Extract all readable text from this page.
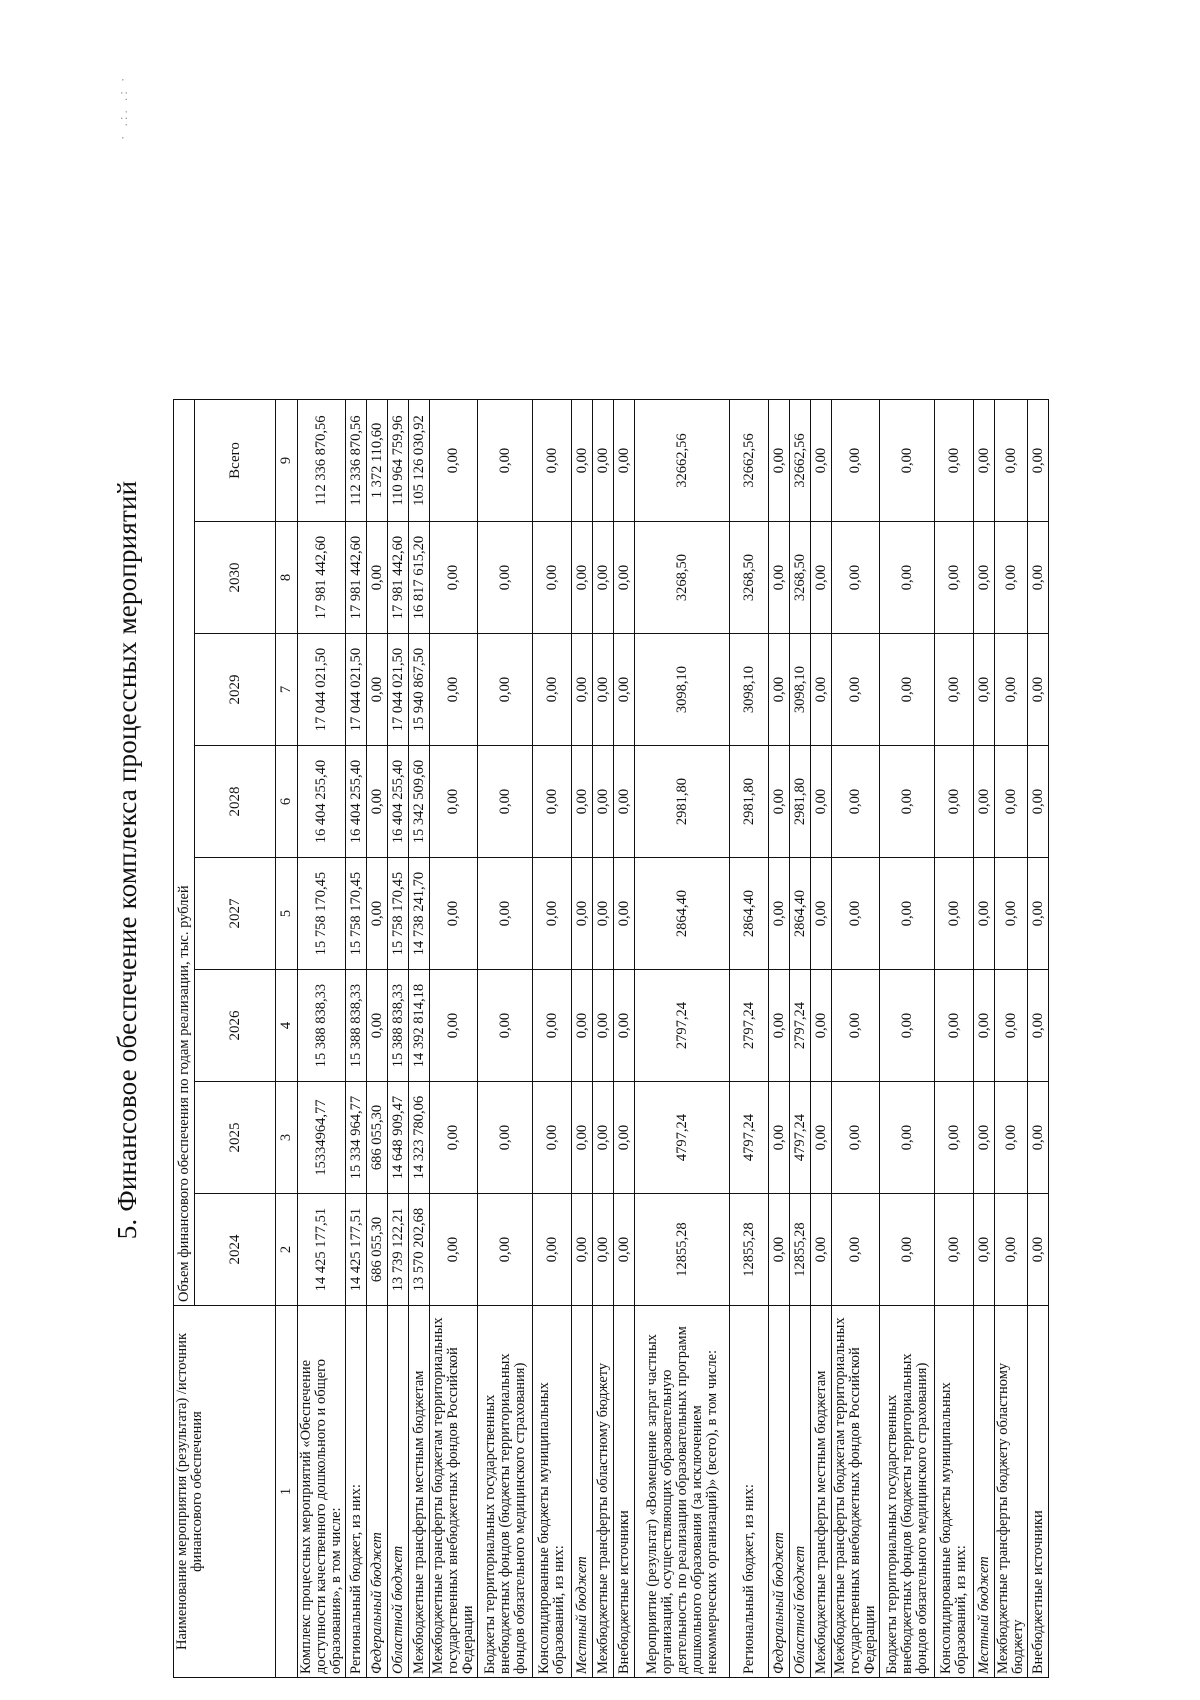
5. Финансовое обеспечение комплекса процессных мероприятий
· .:. .: ·
Наименование мероприятия (результата) /источник финансового обеспечения	Объем финансового обеспечения по годам реализации, тыс. рублей							
	2024	2025	2026	2027	2028	2029	2030	Всего
1	2	3	4	5	6	7	8	9
Комплекс процессных мероприятий «Обеспечение доступности качественного дошкольного и общего образования», в том числе:	14 425 177,51	15334964,77	15 388 838,33	15 758 170,45	16 404 255,40	17 044 021,50	17 981 442,60	112 336 870,56
Региональный бюджет, из них:	14 425 177,51	15 334 964,77	15 388 838,33	15 758 170,45	16 404 255,40	17 044 021,50	17 981 442,60	112 336 870,56
Федеральный бюджет	686 055,30	686 055,30	0,00	0,00	0,00	0,00	0,00	1 372 110,60
Областной бюджет	13 739 122,21	14 648 909,47	15 388 838,33	15 758 170,45	16 404 255,40	17 044 021,50	17 981 442,60	110 964 759,96
Межбюджетные трансферты местным бюджетам	13 570 202,68	14 323 780,06	14 392 814,18	14 738 241,70	15 342 509,60	15 940 867,50	16 817 615,20	105 126 030,92
Межбюджетные трансферты бюджетам территориальных государственных внебюджетных фондов Российской Федерации	0,00	0,00	0,00	0,00	0,00	0,00	0,00	0,00
Бюджеты территориальных государственных внебюджетных фондов (бюджеты территориальных фондов обязательного медицинского страхования)	0,00	0,00	0,00	0,00	0,00	0,00	0,00	0,00
Консолидированные бюджеты муниципальных образований, из них:	0,00	0,00	0,00	0,00	0,00	0,00	0,00	0,00
Местный бюджет	0,00	0,00	0,00	0,00	0,00	0,00	0,00	0,00
Межбюджетные трансферты областному бюджету	0,00	0,00	0,00	0,00	0,00	0,00	0,00	0,00
Внебюджетные источники	0,00	0,00	0,00	0,00	0,00	0,00	0,00	0,00
Мероприятие (результат) «Возмещение затрат частных организаций, осуществляющих образовательную деятельность по реализации образовательных программ дошкольного образования (за исключением некоммерческих организаций)» (всего), в том числе:	12855,28	4797,24	2797,24	2864,40	2981,80	3098,10	3268,50	32662,56
Региональный бюджет, из них:	12855,28	4797,24	2797,24	2864,40	2981,80	3098,10	3268,50	32662,56
Федеральный бюджет	0,00	0,00	0,00	0,00	0,00	0,00	0,00	0,00
Областной бюджет	12855,28	4797,24	2797,24	2864,40	2981,80	3098,10	3268,50	32662,56
Межбюджетные трансферты местным бюджетам	0,00	0,00	0,00	0,00	0,00	0,00	0,00	0,00
Межбюджетные трансферты бюджетам территориальных государственных внебюджетных фондов Российской Федерации	0,00	0,00	0,00	0,00	0,00	0,00	0,00	0,00
Бюджеты территориальных государственных внебюджетных фондов (бюджеты территориальных фондов обязательного медицинского страхования)	0,00	0,00	0,00	0,00	0,00	0,00	0,00	0,00
Консолидированные бюджеты муниципальных образований, из них:	0,00	0,00	0,00	0,00	0,00	0,00	0,00	0,00
Местный бюджет	0,00	0,00	0,00	0,00	0,00	0,00	0,00	0,00
Межбюджетные трансферты бюджету областному бюджету	0,00	0,00	0,00	0,00	0,00	0,00	0,00	0,00
Внебюджетные источники	0,00	0,00	0,00	0,00	0,00	0,00	0,00	0,00
